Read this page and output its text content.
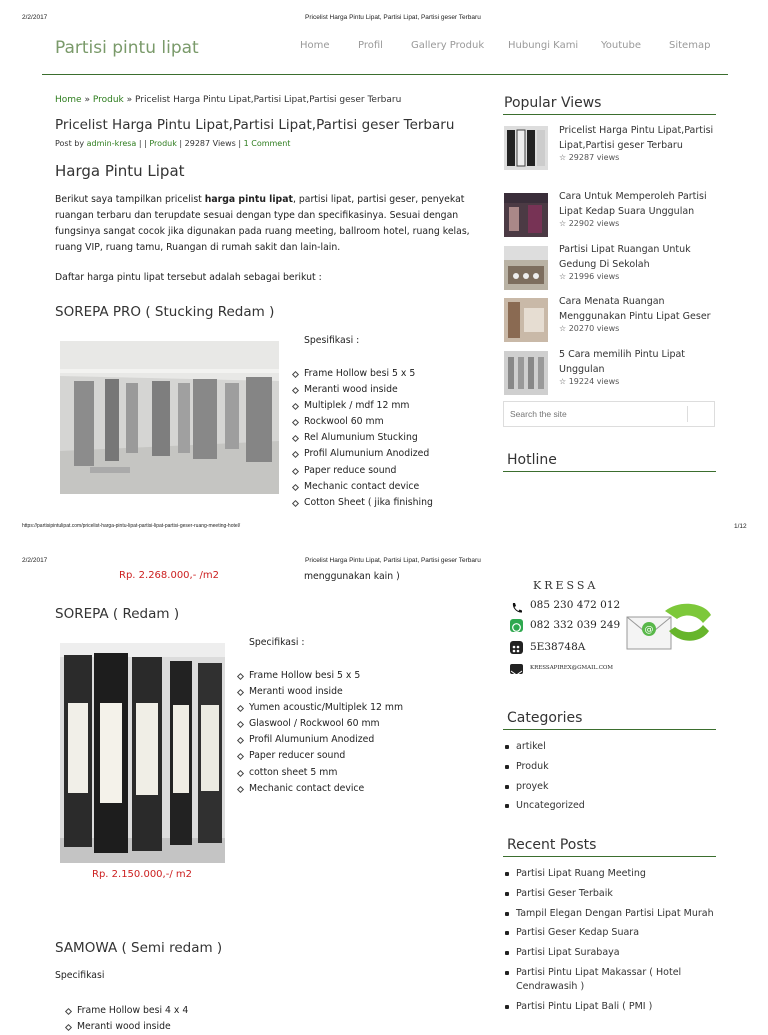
2/2/2017	Pricelist Harga Pintu Lipat, Partisi Lipat, Partisi geser Terbaru
Partisi pintu lipat	Home	Profil	Gallery Produk Hubungi Kami Youtube	Sitemap
Home » Produk » Pricelist Harga Pintu Lipat,Partisi Lipat,Partisi geser Terbaru
Pricelist Harga Pintu Lipat,Partisi Lipat,Partisi geser Terbaru
Post by admin-kresa | | Produk | 29287 Views | 1 Comment
Harga Pintu Lipat
Berikut saya tampilkan pricelist harga pintu lipat, partisi lipat, partisi geser, penyekat ruangan terbaru dan terupdate sesuai dengan type dan specifikasinya. Sesuai dengan fungsinya sangat cocok jika digunakan pada ruang meeting, ballroom hotel, ruang kelas, ruang VIP, ruang tamu, Ruangan di rumah sakit dan lain-lain.
Daftar harga pintu lipat tersebut adalah sebagai berikut :
SOREPA PRO ( Stucking Redam )
Spesifikasi :
Frame Hollow besi 5 x 5
Meranti wood inside
Multiplek / mdf 12 mm
Rockwool 60 mm
Rel Alumunium Stucking
Profil Alumunium Anodized
Paper reduce sound
Mechanic contact device
Cotton Sheet ( jika finishing
Popular Views
Pricelist Harga Pintu Lipat,Partisi Lipat,Partisi geser Terbaru
☆ 29287 views
Cara Untuk Memperoleh Partisi Lipat Kedap Suara Unggulan
☆ 22902 views
Partisi Lipat Ruangan Untuk Gedung Di Sekolah
☆ 21996 views
Cara Menata Ruangan Menggunakan Pintu Lipat Geser
☆ 20270 views
5 Cara memilih Pintu Lipat Unggulan
☆ 19224 views
Search the site
Hotline
https://partisipintulipat.com/pricelist-harga-pintu-lipat-partisi-lipat-partisi-geser-ruang-meeting-hotel/	1/12
2/2/2017	Pricelist Harga Pintu Lipat, Partisi Lipat, Partisi geser Terbaru
Rp. 2.268.000,- /m2	menggunakan kain )
SOREPA ( Redam )
Specifikasi :
Frame Hollow besi 5 x 5
Meranti wood inside
Yumen acoustic/Multiplek 12 mm
Glaswool / Rockwool 60 mm
Profil Alumunium Anodized
Paper reducer sound
cotton sheet 5 mm
Mechanic contact device
Rp. 2.150.000,-/ m2
SAMOWA ( Semi redam )
Specifikasi
Frame Hollow besi 4 x 4
Meranti wood inside
KRESSA
085 230 472 012
082 332 039 249
5E38748A
KRESSAPIREX@GMAIL.COM
@
Categories
artikel
Produk
proyek
Uncategorized
Recent Posts
Partisi Lipat Ruang Meeting
Partisi Geser Terbaik
Tampil Elegan Dengan Partisi Lipat Murah
Partisi Geser Kedap Suara
Partisi Lipat Surabaya
Partisi Pintu Lipat Makassar ( Hotel Cendrawasih )
Partisi Pintu Lipat Bali ( PMI )
